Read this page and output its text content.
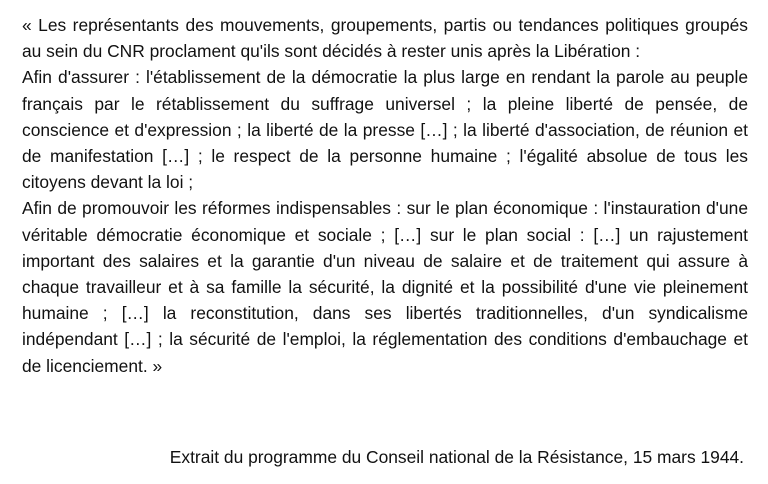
« Les représentants des mouvements, groupements, partis ou tendances politiques groupés au sein du CNR proclament qu'ils sont décidés à rester unis après la Libération :

Afin d'assurer : l'établissement de la démocratie la plus large en rendant la parole au peuple français par le rétablissement du suffrage universel ; la pleine liberté de pensée, de conscience et d'expression ; la liberté de la presse […] ; la liberté d'association, de réunion et de manifestation […] ; le respect de la personne humaine ; l'égalité absolue de tous les citoyens devant la loi ;

Afin de promouvoir les réformes indispensables : sur le plan économique : l'instauration d'une véritable démocratie économique et sociale ; […] sur le plan social : […] un rajustement important des salaires et la garantie d'un niveau de salaire et de traitement qui assure à chaque travailleur et à sa famille la sécurité, la dignité et la possibilité d'une vie pleinement humaine ; […] la reconstitution, dans ses libertés traditionnelles, d'un syndicalisme indépendant […] ; la sécurité de l'emploi, la réglementation des conditions d'embauchage et de licenciement. »

Extrait du programme du Conseil national de la Résistance, 15 mars 1944.
